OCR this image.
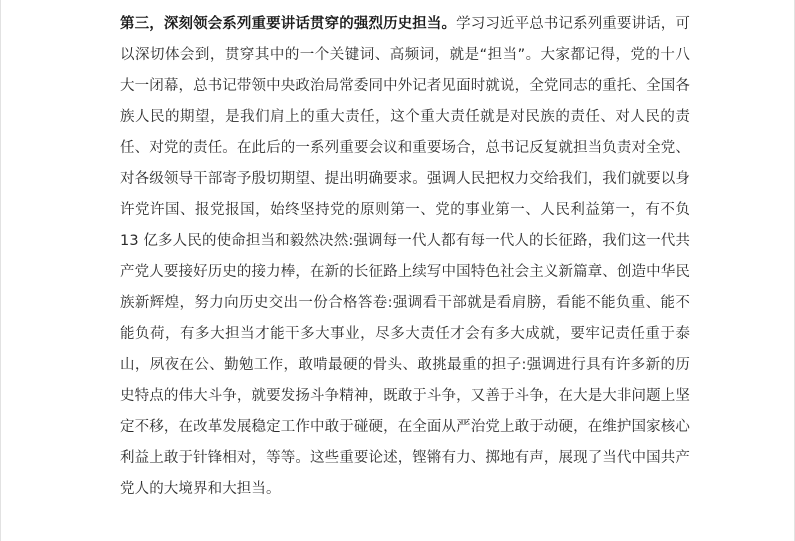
第三，深刻领会系列重要讲话贯穿的强烈历史担当。学习习近平总书记系列重要讲话，可以深切体会到，贯穿其中的一个关键词、高频词，就是“担当”。大家都记得，党的十八大一闭幕，总书记带领中央政治局常委同中外记者见面时就说，全党同志的重托、全国各族人民的期望，是我们肩上的重大责任，这个重大责任就是对民族的责任、对人民的责任、对党的责任。在此后的一系列重要会议和重要场合，总书记反复就担当负责对全党、对各级领导干部寄予殷切期望、提出明确要求。强调人民把权力交给我们，我们就要以身许党许国、报党报国，始终坚持党的原则第一、党的事业第一、人民利益第一，有不负 13 亿多人民的使命担当和毅然决然:强调每一代人都有每一代人的长征路，我们这一代共产党人要接好历史的接力棒，在新的长征路上续写中国特色社会主义新篇章、创造中华民族新辉煌，努力向历史交出一份合格答卷:强调看干部就是看肩膀，看能不能负重、能不能负荷，有多大担当才能干多大事业，尽多大责任才会有多大成就，要牢记责任重于泰山，夙夜在公、勤勉工作，敢啃最硬的骨头、敢挑最重的担子:强调进行具有许多新的历史特点的伟大斗争，就要发扬斗争精神，既敢于斗争，又善于斗争，在大是大非问题上坚定不移，在改革发展稳定工作中敢于碰硬，在全面从严治党上敢于动硬，在维护国家核心利益上敢于针锋相对，等等。这些重要论述，铿锵有力、掷地有声，展现了当代中国共产党人的大境界和大担当。
